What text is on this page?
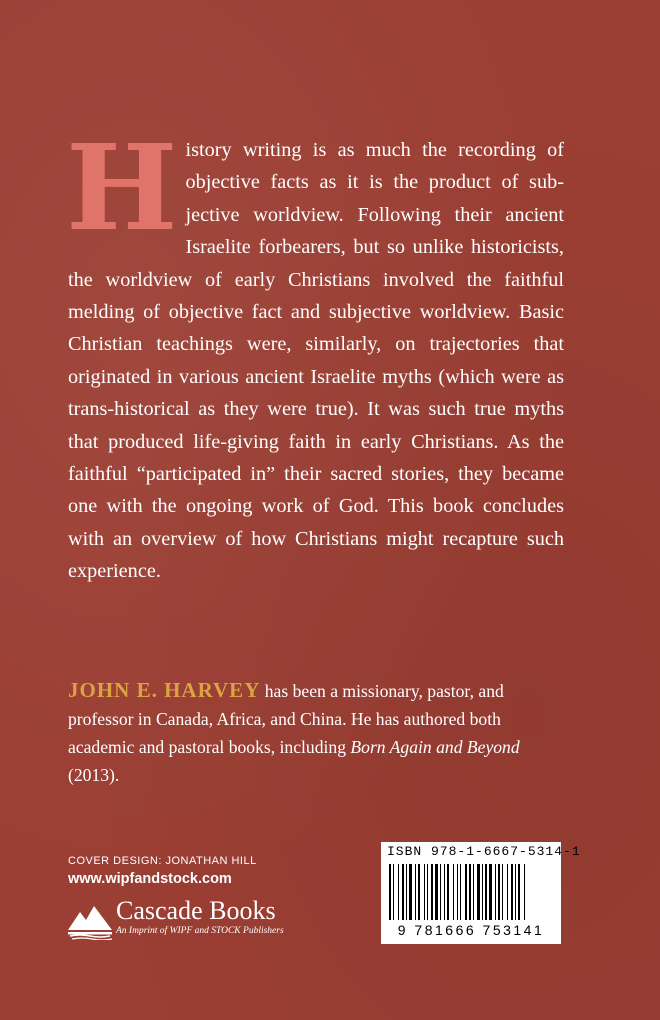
H istory writing is as much the recording of objective facts as it is the product of subjective worldview. Following their ancient Israelite forbearers, but so unlike historicists, the worldview of early Christians involved the faithful melding of objective fact and subjective worldview. Basic Christian teachings were, similarly, on trajectories that originated in various ancient Israelite myths (which were as trans-historical as they were true). It was such true myths that produced life-giving faith in early Christians. As the faithful “participated in” their sacred stories, they became one with the ongoing work of God. This book concludes with an overview of how Christians might recapture such experience.
JOHN E. HARVEY has been a missionary, pastor, and professor in Canada, Africa, and China. He has authored both academic and pastoral books, including Born Again and Beyond (2013).
COVER DESIGN: JONATHAN HILL
www.wipfandstock.com
Cascade Books
An Imprint of WIPF and STOCK Publishers
ISBN 978-1-6667-5314-1
9 781666 753141
